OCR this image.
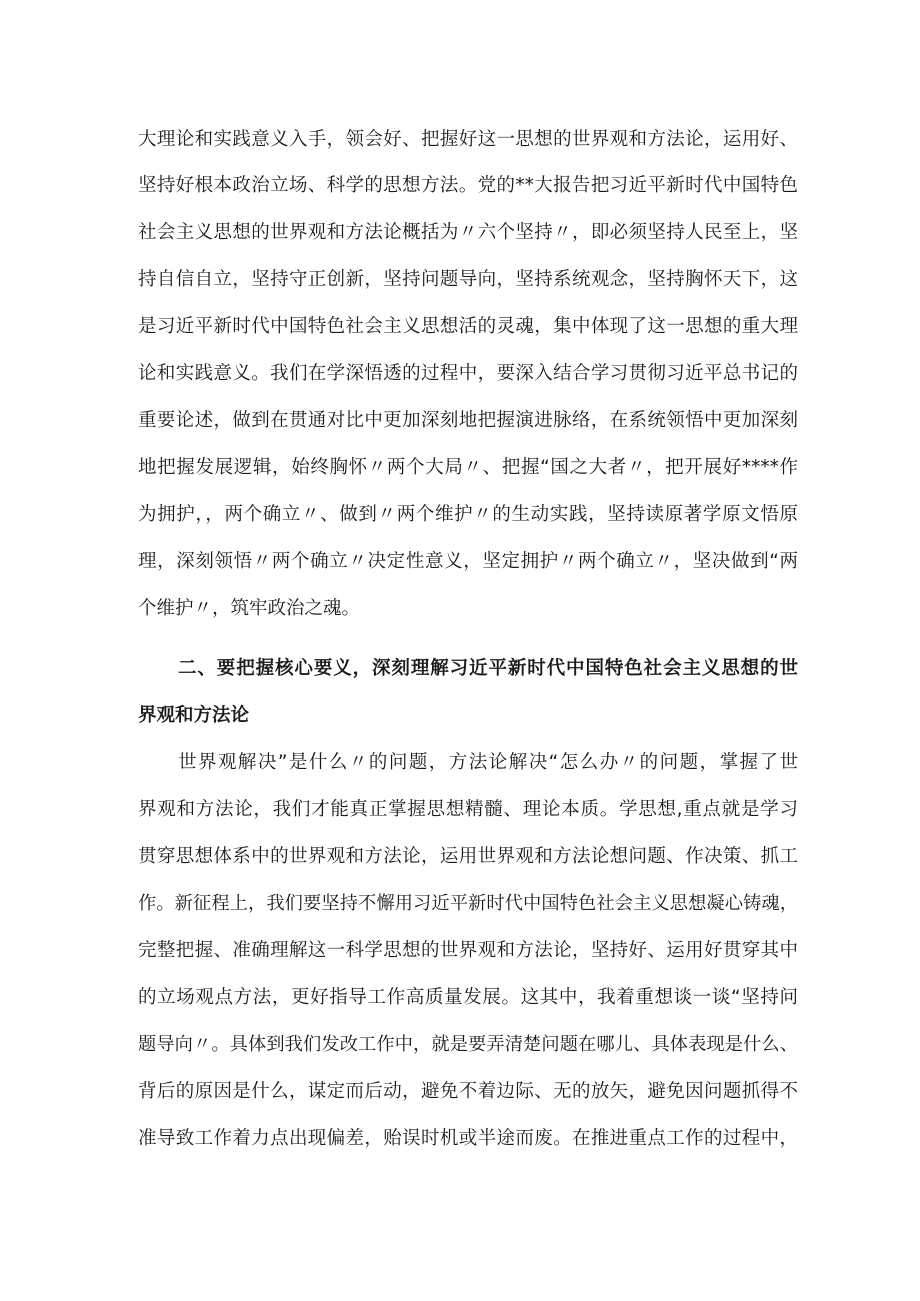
大理论和实践意义入手，领会好、把握好这一思想的世界观和方法论，运用好、
坚持好根本政治立场、科学的思想方法。党的**大报告把习近平新时代中国特色
社会主义思想的世界观和方法论概括为〃六个坚持〃，即必须坚持人民至上，坚
持自信自立，坚持守正创新，坚持问题导向，坚持系统观念，坚持胸怀天下，这
是习近平新时代中国特色社会主义思想活的灵魂，集中体现了这一思想的重大理
论和实践意义。我们在学深悟透的过程中，要深入结合学习贯彻习近平总书记的
重要论述，做到在贯通对比中更加深刻地把握演进脉络，在系统领悟中更加深刻
地把握发展逻辑，始终胸怀〃两个大局〃、把握“国之大者〃，把开展好****作
为拥护，，两个确立〃、做到〃两个维护〃的生动实践，坚持读原著学原文悟原
理，深刻领悟〃两个确立〃决定性意义，坚定拥护〃两个确立〃，坚决做到“两
个维护〃，筑牢政治之魂。
二、要把握核心要义，深刻理解习近平新时代中国特色社会主义思想的世
界观和方法论
世界观解决”是什么〃的问题，方法论解决“怎么办〃的问题，掌握了世
界观和方法论，我们才能真正掌握思想精髓、理论本质。学思想,重点就是学习
贯穿思想体系中的世界观和方法论，运用世界观和方法论想问题、作决策、抓工
作。新征程上，我们要坚持不懈用习近平新时代中国特色社会主义思想凝心铸魂，
完整把握、准确理解这一科学思想的世界观和方法论，坚持好、运用好贯穿其中
的立场观点方法，更好指导工作高质量发展。这其中，我着重想谈一谈“坚持问
题导向〃。具体到我们发改工作中，就是要弄清楚问题在哪儿、具体表现是什么、
背后的原因是什么，谋定而后动，避免不着边际、无的放矢，避免因问题抓得不
准导致工作着力点出现偏差，贻误时机或半途而废。在推进重点工作的过程中，
